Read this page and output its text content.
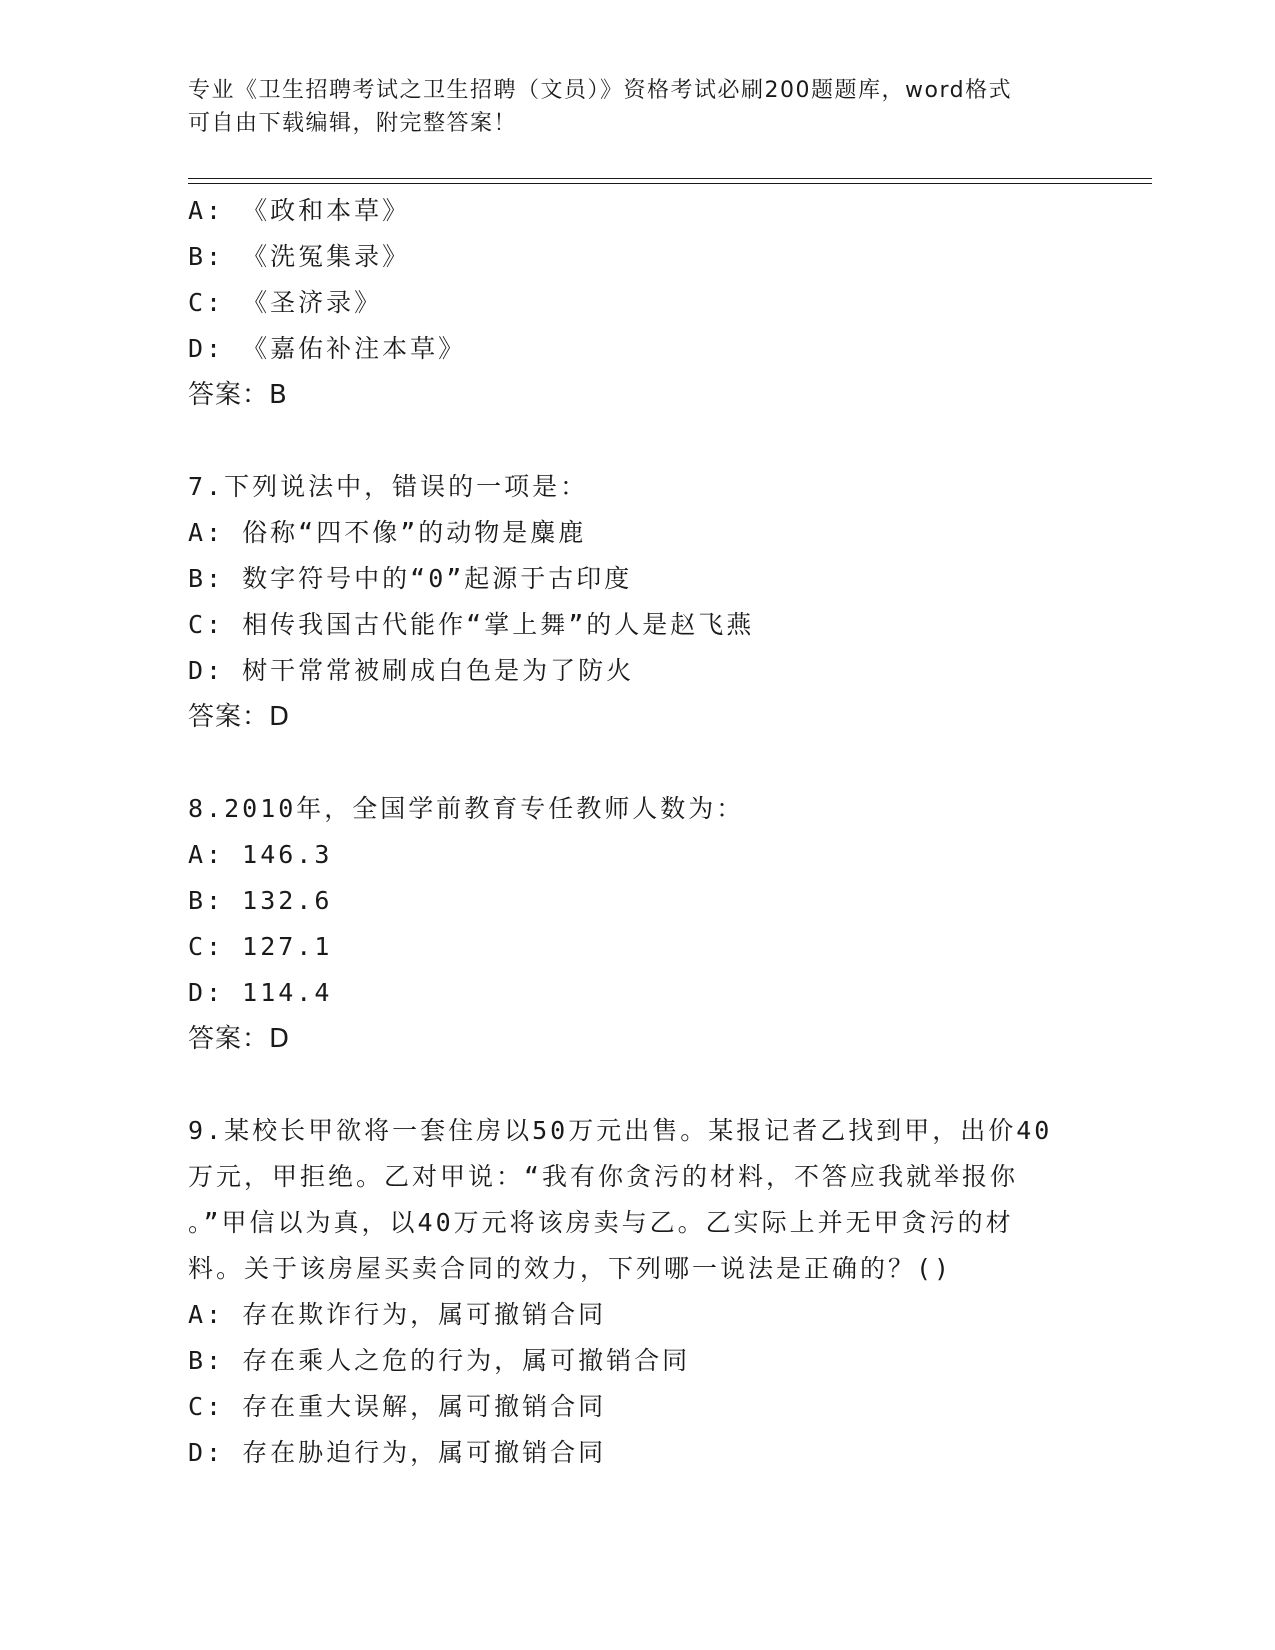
专业《卫生招聘考试之卫生招聘（文员）》资格考试必刷200题题库，word格式
可自由下载编辑，附完整答案！
A: 《政和本草》
B: 《洗冤集录》
C: 《圣济录》
D: 《嘉佑补注本草》
答案：B
7.下列说法中，错误的一项是：
A: 俗称“四不像”的动物是麋鹿
B: 数字符号中的“0”起源于古印度
C: 相传我国古代能作“掌上舞”的人是赵飞燕
D: 树干常常被刷成白色是为了防火
答案：D
8.2010年，全国学前教育专任教师人数为：
A: 146.3
B: 132.6
C: 127.1
D: 114.4
答案：D
9.某校长甲欲将一套住房以50万元出售。某报记者乙找到甲，出价40
万元，甲拒绝。乙对甲说：“我有你贪污的材料，不答应我就举报你
。”甲信以为真，以40万元将该房卖与乙。乙实际上并无甲贪污的材
料。关于该房屋买卖合同的效力，下列哪一说法是正确的？()
A: 存在欺诈行为，属可撤销合同
B: 存在乘人之危的行为，属可撤销合同
C: 存在重大误解，属可撤销合同
D: 存在胁迫行为，属可撤销合同
